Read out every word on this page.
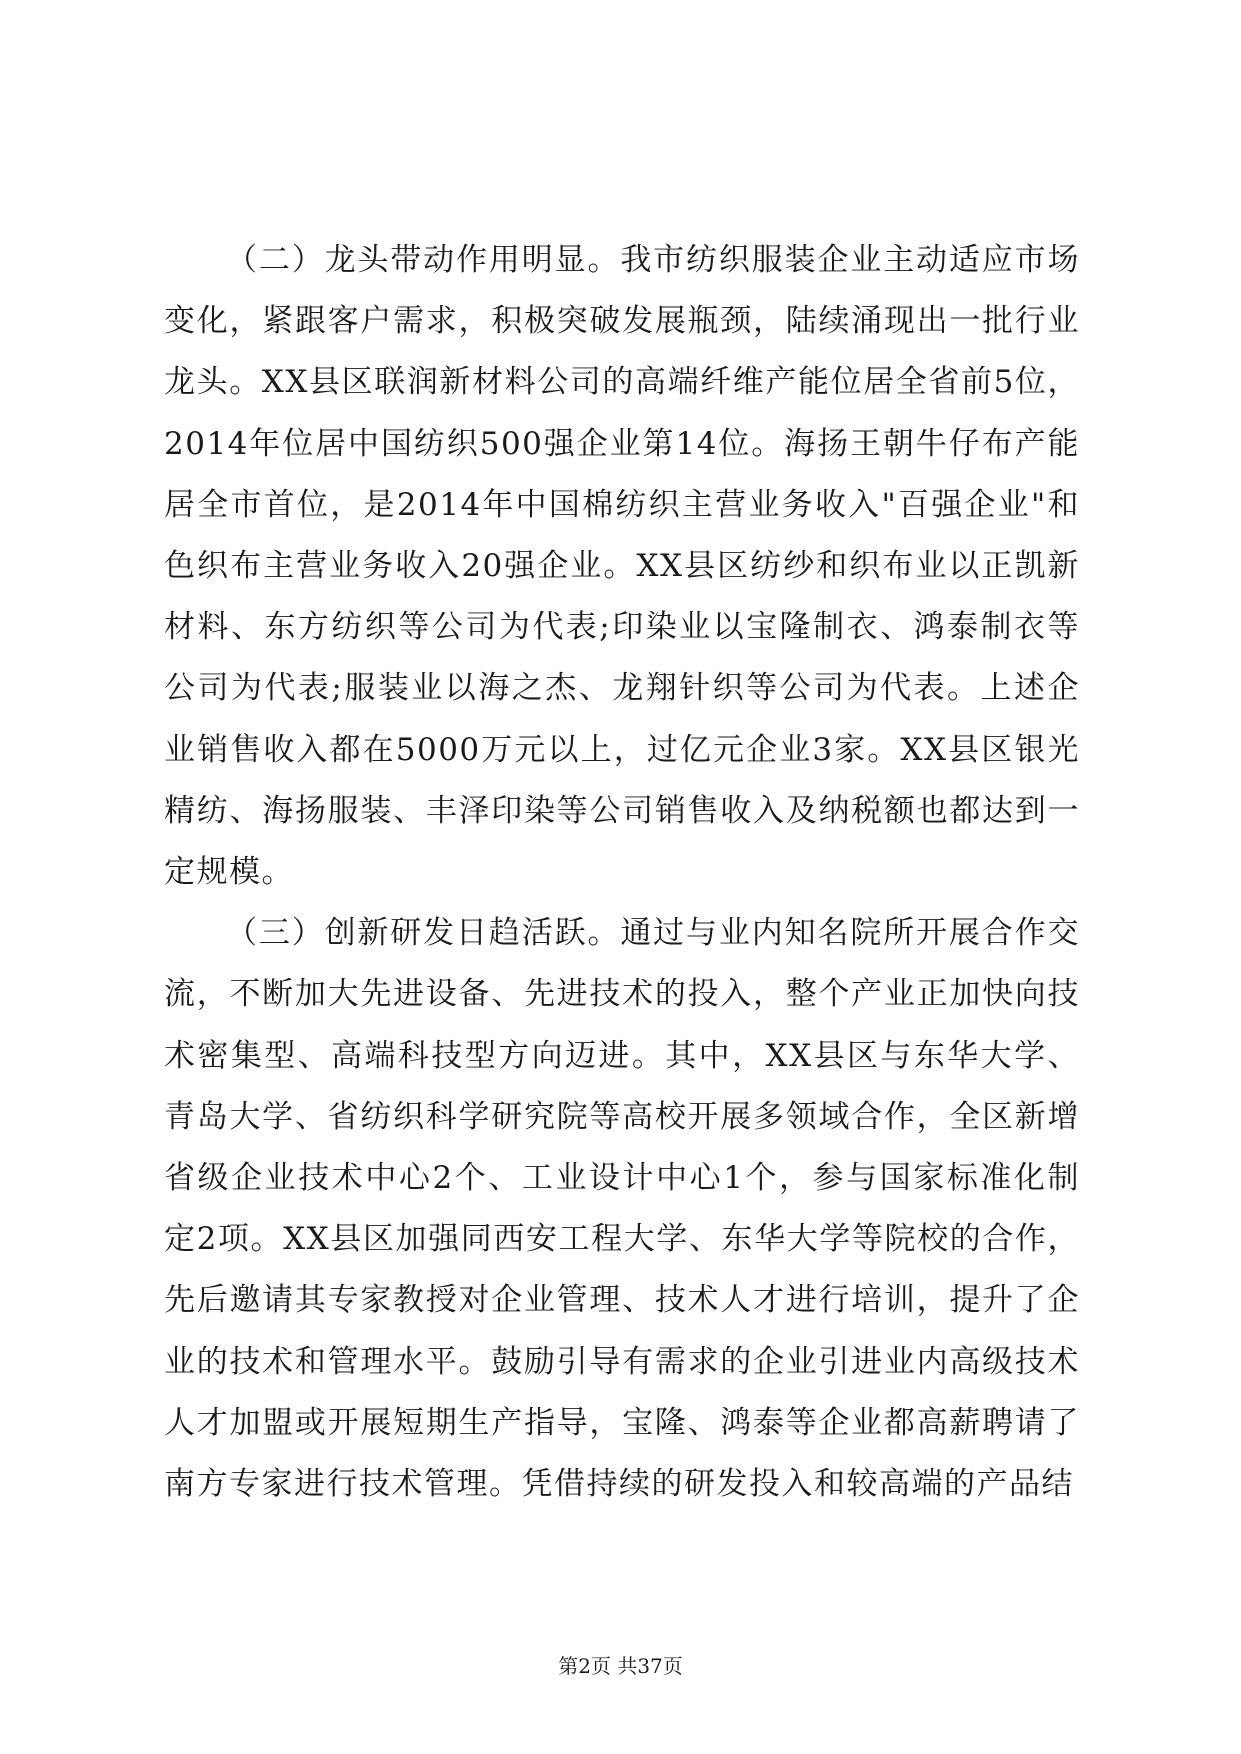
（二）龙头带动作用明显。我市纺织服装企业主动适应市场变化，紧跟客户需求，积极突破发展瓶颈，陆续涌现出一批行业龙头。XX县区联润新材料公司的高端纤维产能位居全省前5位，2014年位居中国纺织500强企业第14位。海扬王朝牛仔布产能居全市首位，是2014年中国棉纺织主营业务收入"百强企业"和色织布主营业务收入20强企业。XX县区纺纱和织布业以正凯新材料、东方纺织等公司为代表;印染业以宝隆制衣、鸿泰制衣等公司为代表;服装业以海之杰、龙翔针织等公司为代表。上述企业销售收入都在5000万元以上，过亿元企业3家。XX县区银光精纺、海扬服装、丰泽印染等公司销售收入及纳税额也都达到一定规模。

（三）创新研发日趋活跃。通过与业内知名院所开展合作交流，不断加大先进设备、先进技术的投入，整个产业正加快向技术密集型、高端科技型方向迈进。其中，XX县区与东华大学、青岛大学、省纺织科学研究院等高校开展多领域合作，全区新增省级企业技术中心2个、工业设计中心1个，参与国家标准化制定2项。XX县区加强同西安工程大学、东华大学等院校的合作，先后邀请其专家教授对企业管理、技术人才进行培训，提升了企业的技术和管理水平。鼓励引导有需求的企业引进业内高级技术人才加盟或开展短期生产指导，宝隆、鸿泰等企业都高薪聘请了南方专家进行技术管理。凭借持续的研发投入和较高端的产品结

第2页 共37页
